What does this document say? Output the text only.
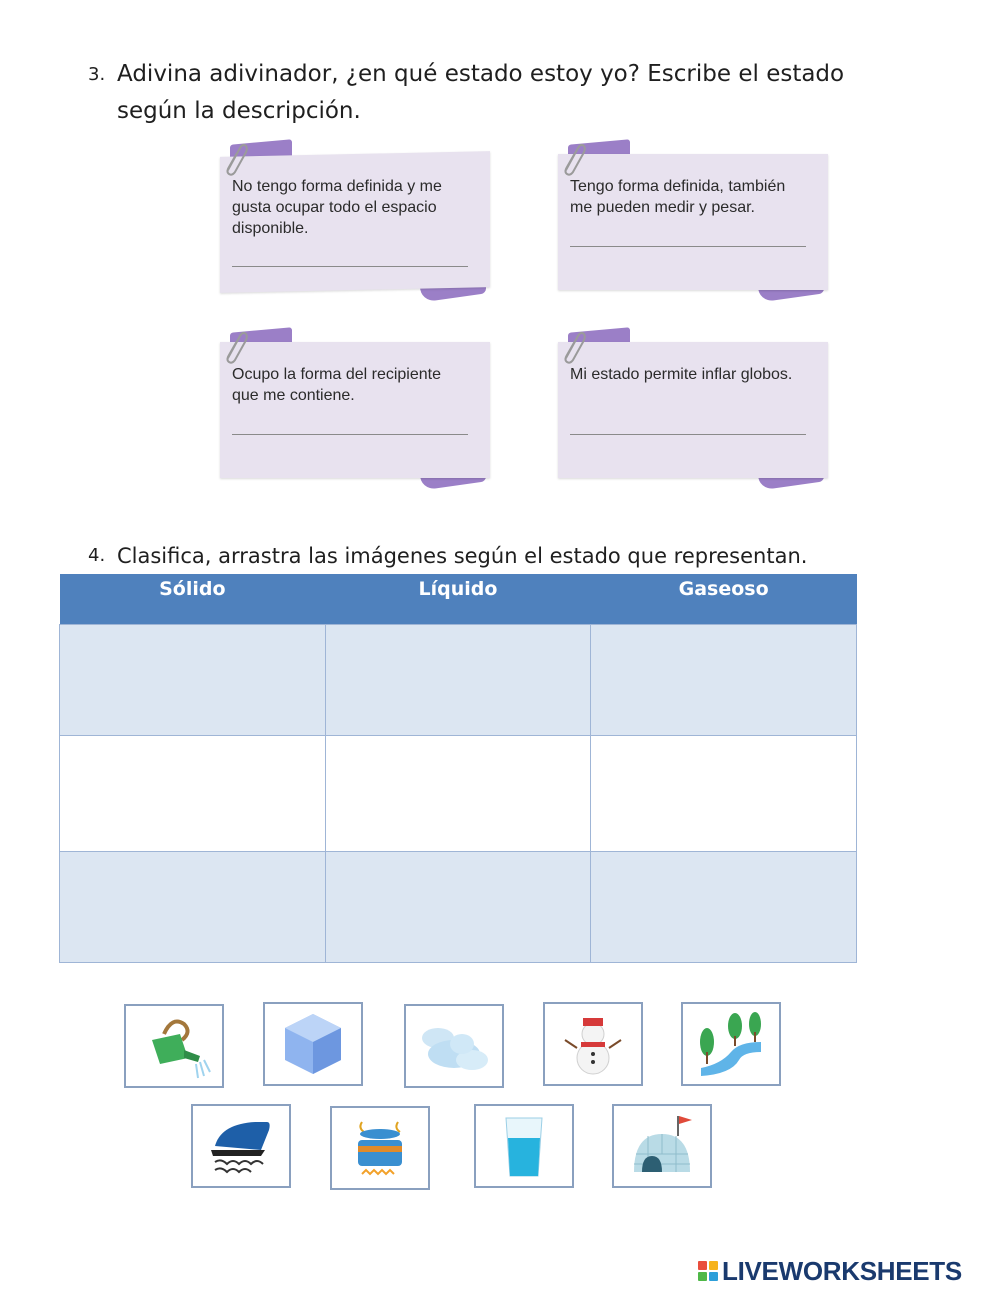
3. Adivina adivinador, ¿en qué estado estoy yo? Escribe el estado
según la descripción.
No tengo forma definida y me gusta ocupar todo el espacio disponible.
Tengo forma definida, también me pueden medir y pesar.
Ocupo la forma del recipiente que me contiene.
Mi estado permite inflar globos.
4. Clasifica, arrastra las imágenes según el estado que representan.
Sólido	Líquido	Gaseoso

LIVEWORKSHEETS
